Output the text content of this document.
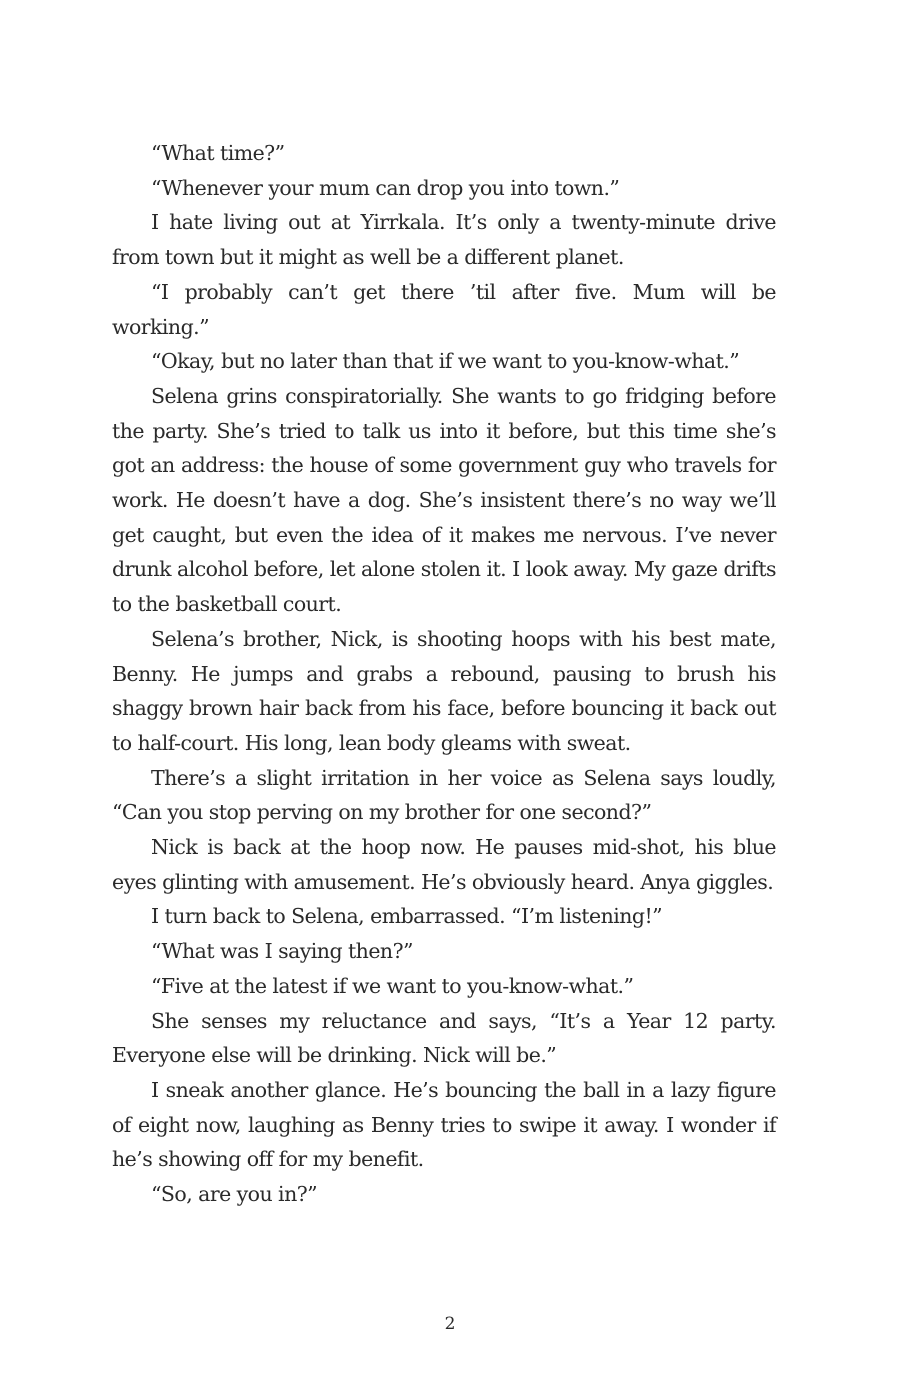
“What time?”

“Whenever your mum can drop you into town.”

I hate living out at Yirrkala. It’s only a twenty-minute drive from town but it might as well be a different planet.

“I probably can’t get there ’til after five. Mum will be working.”

“Okay, but no later than that if we want to you-know-what.”

Selena grins conspiratorially. She wants to go fridging before the party. She’s tried to talk us into it before, but this time she’s got an address: the house of some government guy who travels for work. He doesn’t have a dog. She’s insistent there’s no way we’ll get caught, but even the idea of it makes me nervous. I’ve never drunk alcohol before, let alone stolen it. I look away. My gaze drifts to the basketball court.

Selena’s brother, Nick, is shooting hoops with his best mate, Benny. He jumps and grabs a rebound, pausing to brush his shaggy brown hair back from his face, before bouncing it back out to half-court. His long, lean body gleams with sweat.

There’s a slight irritation in her voice as Selena says loudly, “Can you stop perving on my brother for one second?”

Nick is back at the hoop now. He pauses mid-shot, his blue eyes glinting with amusement. He’s obviously heard. Anya giggles.

I turn back to Selena, embarrassed. “I’m listening!”

“What was I saying then?”

“Five at the latest if we want to you-know-what.”

She senses my reluctance and says, “It’s a Year 12 party. Everyone else will be drinking. Nick will be.”

I sneak another glance. He’s bouncing the ball in a lazy figure of eight now, laughing as Benny tries to swipe it away. I wonder if he’s showing off for my benefit.

“So, are you in?”

2
